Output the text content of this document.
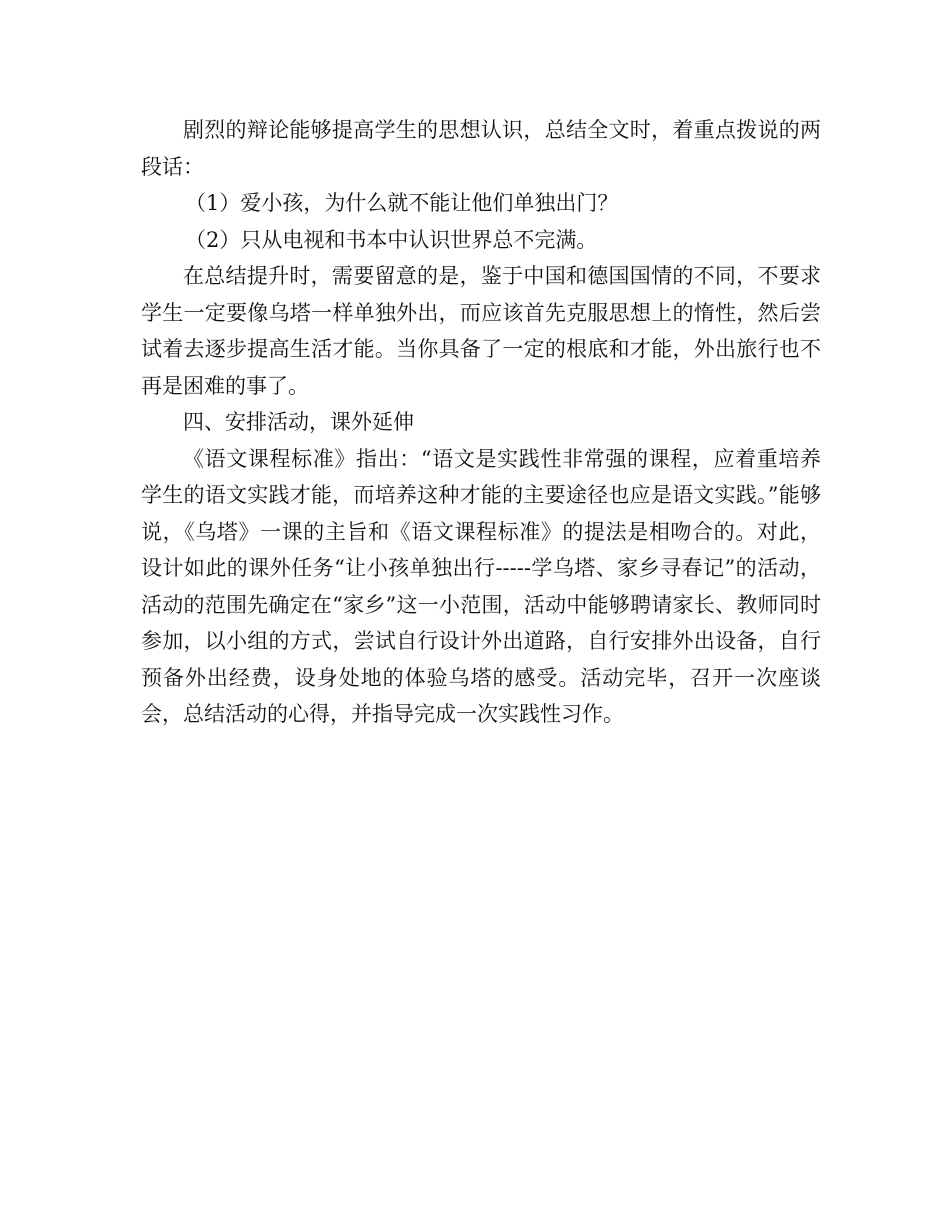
剧烈的辩论能够提高学生的思想认识，总结全文时，着重点拨说的两段话：

（1）爱小孩，为什么就不能让他们单独出门？

（2）只从电视和书本中认识世界总不完满。

在总结提升时，需要留意的是，鉴于中国和德国国情的不同，不要求学生一定要像乌塔一样单独外出，而应该首先克服思想上的惰性，然后尝试着去逐步提高生活才能。当你具备了一定的根底和才能，外出旅行也不再是困难的事了。

四、安排活动，课外延伸

《语文课程标准》指出：“语文是实践性非常强的课程，应着重培养学生的语文实践才能，而培养这种才能的主要途径也应是语文实践。”能够说，《乌塔》一课的主旨和《语文课程标准》的提法是相吻合的。对此，设计如此的课外任务“让小孩单独出行-----学乌塔、家乡寻春记”的活动，活动的范围先确定在“家乡”这一小范围，活动中能够聘请家长、教师同时参加，以小组的方式，尝试自行设计外出道路，自行安排外出设备，自行预备外出经费，设身处地的体验乌塔的感受。活动完毕，召开一次座谈会，总结活动的心得，并指导完成一次实践性习作。
